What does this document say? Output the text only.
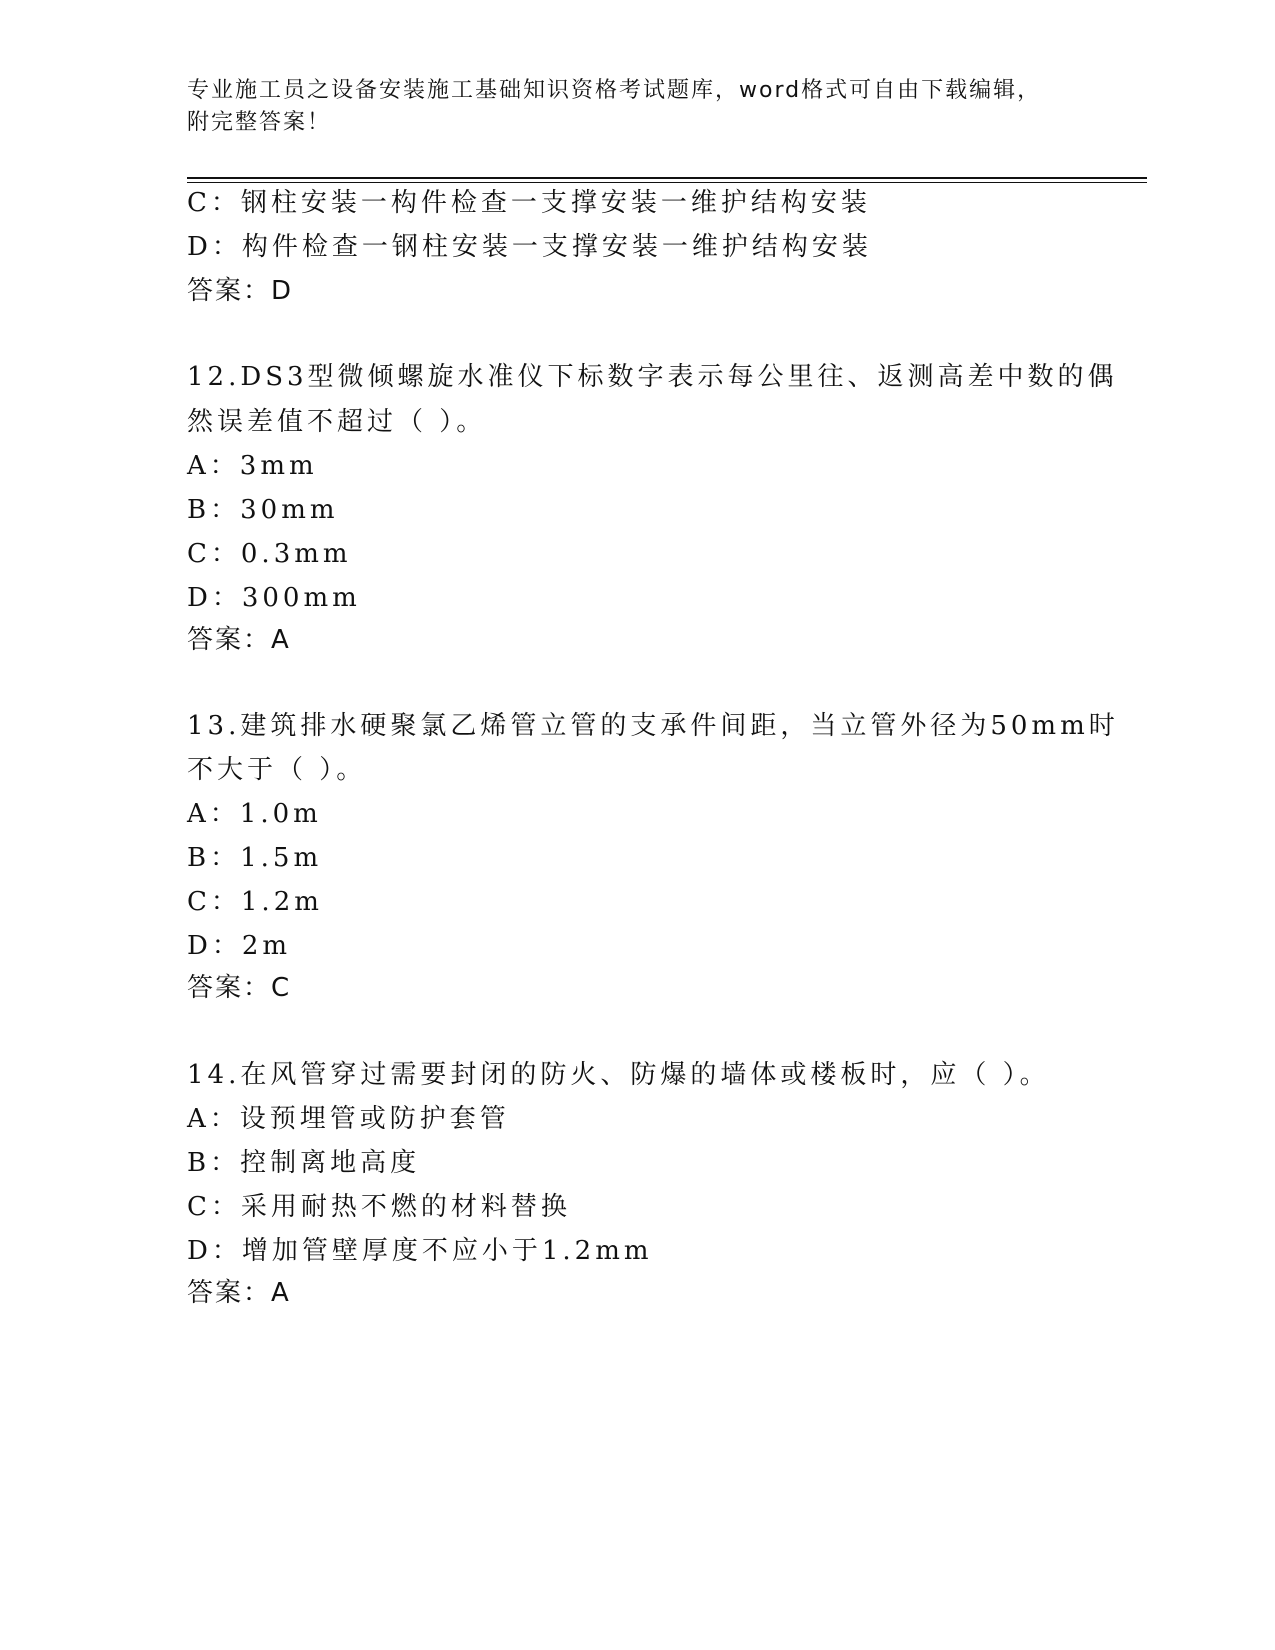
专业施工员之设备安装施工基础知识资格考试题库，word格式可自由下载编辑，
附完整答案！
C：钢柱安装一构件检查一支撑安装一维护结构安装
D：构件检查一钢柱安装一支撑安装一维护结构安装
答案：D
12.DS3型微倾螺旋水准仪下标数字表示每公里往、返测高差中数的偶
然误差值不超过（ ）。
A：3mm
B：30mm
C：0.3mm
D：300mm
答案：A
13.建筑排水硬聚氯乙烯管立管的支承件间距，当立管外径为50mm时
不大于（ ）。
A：1.0m
B：1.5m
C：1.2m
D：2m
答案：C
14.在风管穿过需要封闭的防火、防爆的墙体或楼板时，应（ ）。
A：设预埋管或防护套管
B：控制离地高度
C：采用耐热不燃的材料替换
D：增加管壁厚度不应小于1.2mm
答案：A
